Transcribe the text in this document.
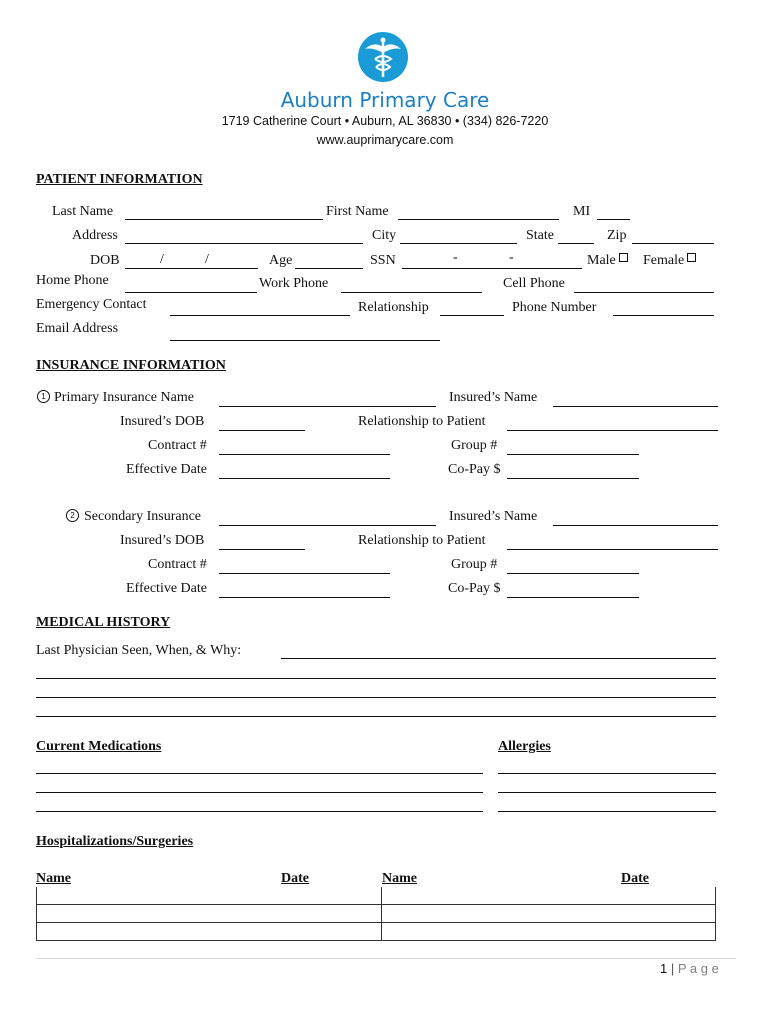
Auburn Primary Care
1719 Catherine Court • Auburn, AL 36830 • (334) 826-7220
www.auprimarycare.com
PATIENT INFORMATION
Last Name	First Name	MI
Address	City	State	Zip
DOB	/	/	Age	SSN	-	-	Male	Female
Home Phone	Work Phone	Cell Phone
Emergency Contact	Relationship	Phone Number
Email Address
INSURANCE INFORMATION
1 Primary Insurance Name	Insured’s Name
Insured’s DOB	Relationship to Patient
Contract #	Group #
Effective Date	Co-Pay $
2 Secondary Insurance	Insured’s Name
Insured’s DOB	Relationship to Patient
Contract #	Group #
Effective Date	Co-Pay $
MEDICAL HISTORY
Last Physician Seen, When, & Why:
Current Medications	Allergies
Hospitalizations/Surgeries
Name	Date	Name	Date

1 | P a g e
